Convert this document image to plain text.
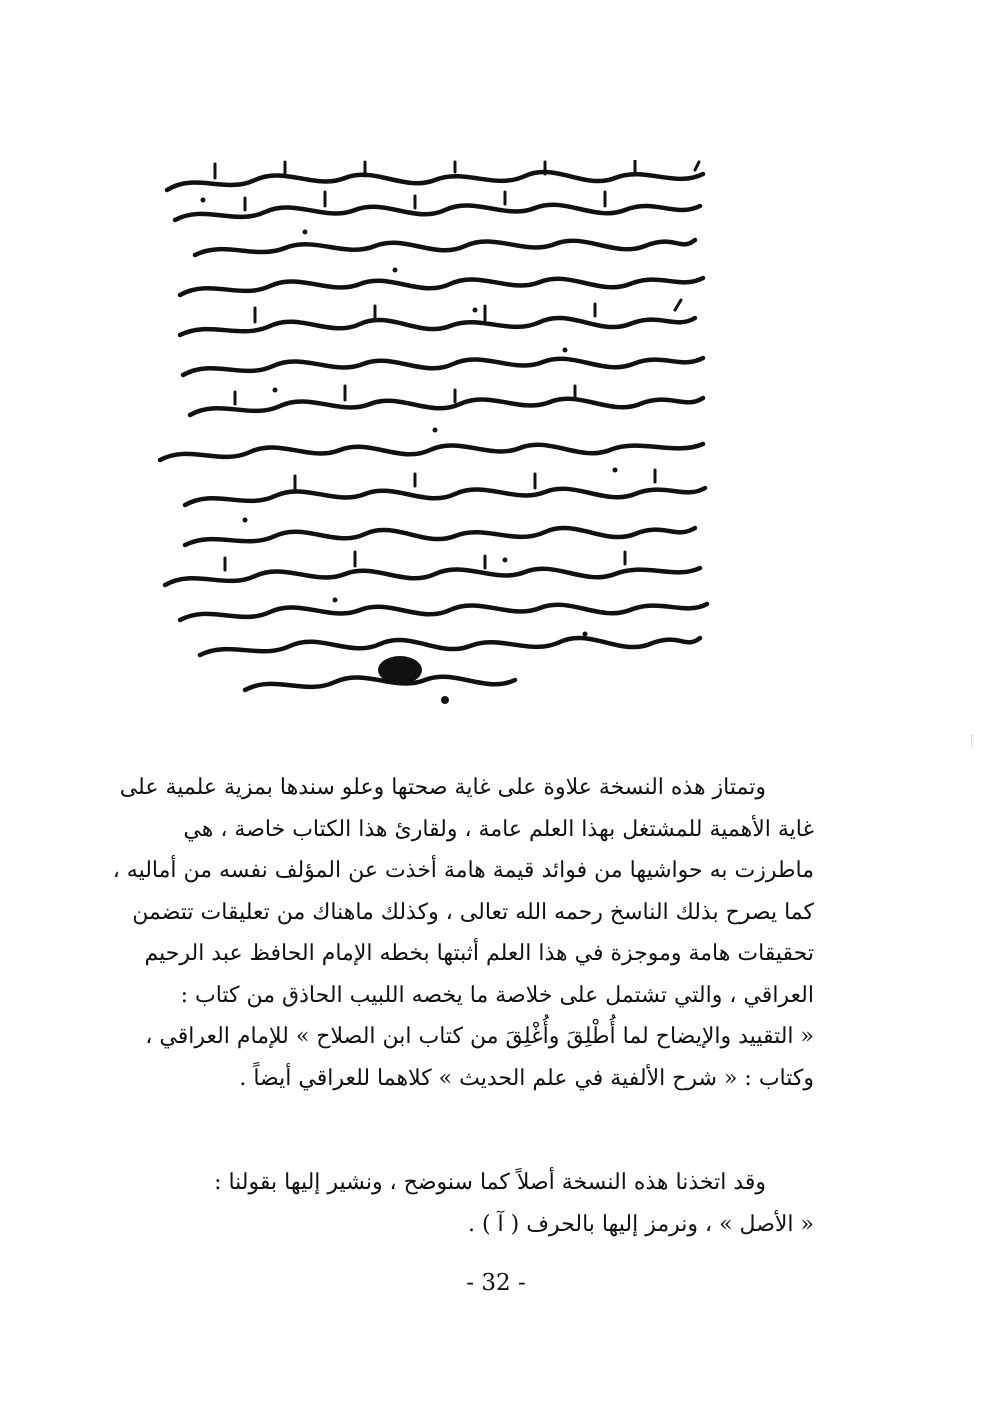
وتمتاز هذه النسخة علاوة على غاية صحتها وعلو سندها بمزية علمية على
غاية الأهمية للمشتغل بهذا العلم عامة ، ولقارئ هذا الكتاب خاصة ، هي
ماطرزت به حواشيها من فوائد قيمة هامة أخذت عن المؤلف نفسه من أماليه ،
كما يصرح بذلك الناسخ رحمه الله تعالى ، وكذلك ماهناك من تعليقات تتضمن
تحقيقات هامة وموجزة في هذا العلم أثبتها بخطه الإمام الحافظ عبد الرحيم
العراقي ، والتي تشتمل على خلاصة ما يخصه اللبيب الحاذق من كتاب :
« التقييد والإيضاح لما أُطْلِقَ وأُغْلِقَ من كتاب ابن الصلاح » للإمام العراقي ،
وكتاب : « شرح الألفية في علم الحديث » كلاهما للعراقي أيضاً .
وقد اتخذنا هذه النسخة أصلاً كما سنوضح ، ونشير إليها بقولنا :
« الأصل » ، ونرمز إليها بالحرف ( آ ) .
- 32 -
